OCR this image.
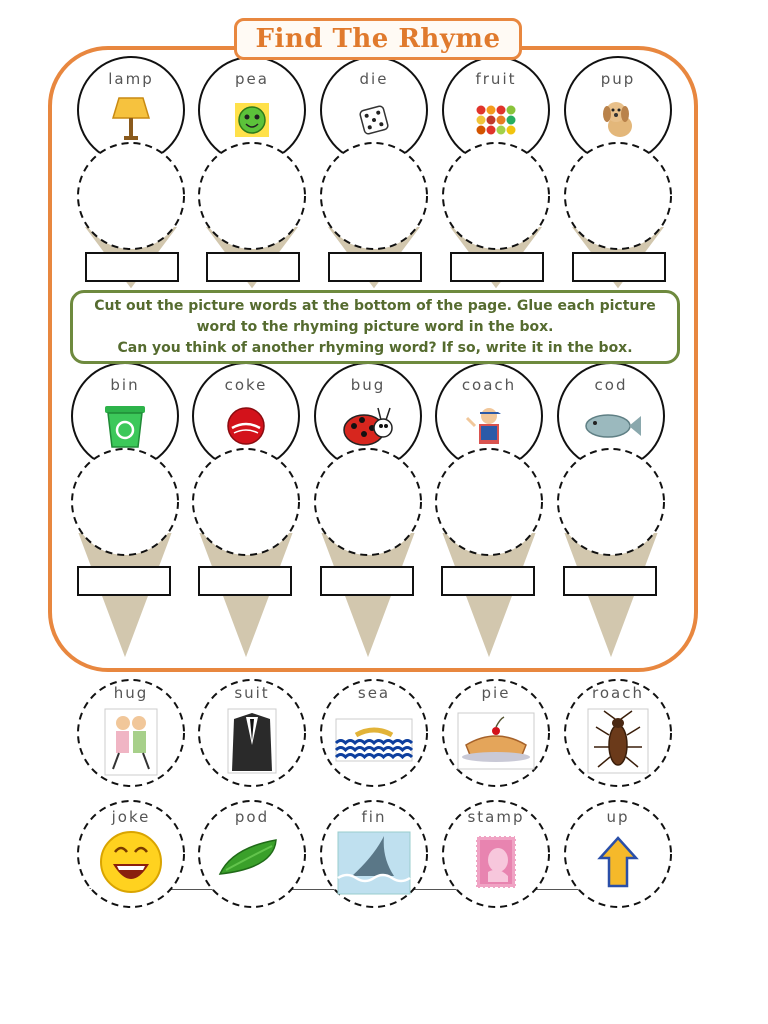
Find The Rhyme
Cut out the picture words at the bottom of the page. Glue each picture
word to the rhyming picture word in the box.
Can you think of another rhyming word? If so, write it in the box.
lamp	pea	die	fruit	pup
bin	coke	bug	coach	cod
hug	suit	sea	pie	roach
joke	pod	fin	stamp	up
